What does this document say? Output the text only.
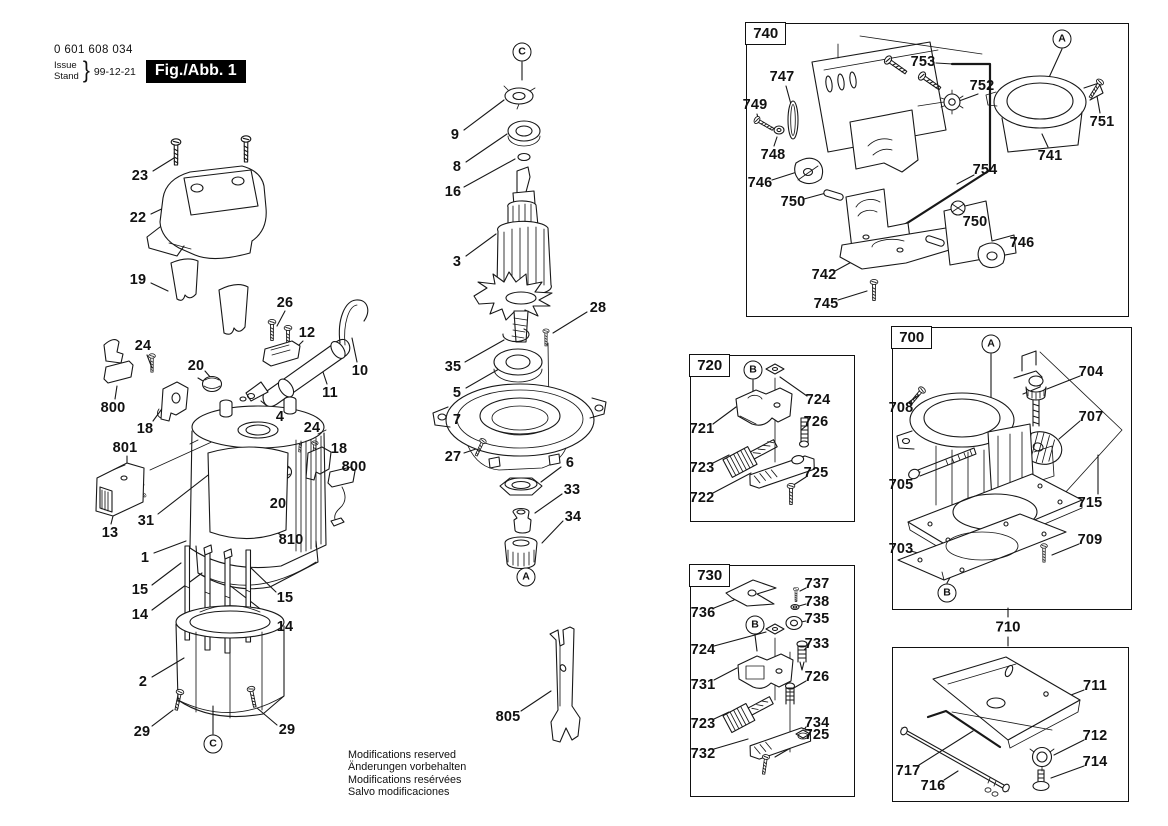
0 601 608 034
Issue
Stand } 99-12-21	Fig./Abb. 1
Modifications reserved
Änderungen vorbehalten
Modifications resérvées
Salvo modificaciones
740
720
700
730
23
22
19
26
12
10
11
24
20
800
18
4
24
18
800
801
13
31
20
810
1
15
14
15
14
2
29	29
9
8
16
3
28
35
5
7
27	6
33
34
805
747
753
749
748
746
750
742
745
752
751
741
754
750
746
724
721	726
723
722
725
708
704
707
705
715
703
709
736
737
738
735
724	733
731	726
723	734
725
732
711
712
714
717
716
C
A
C
A
B
A
B
B	710
